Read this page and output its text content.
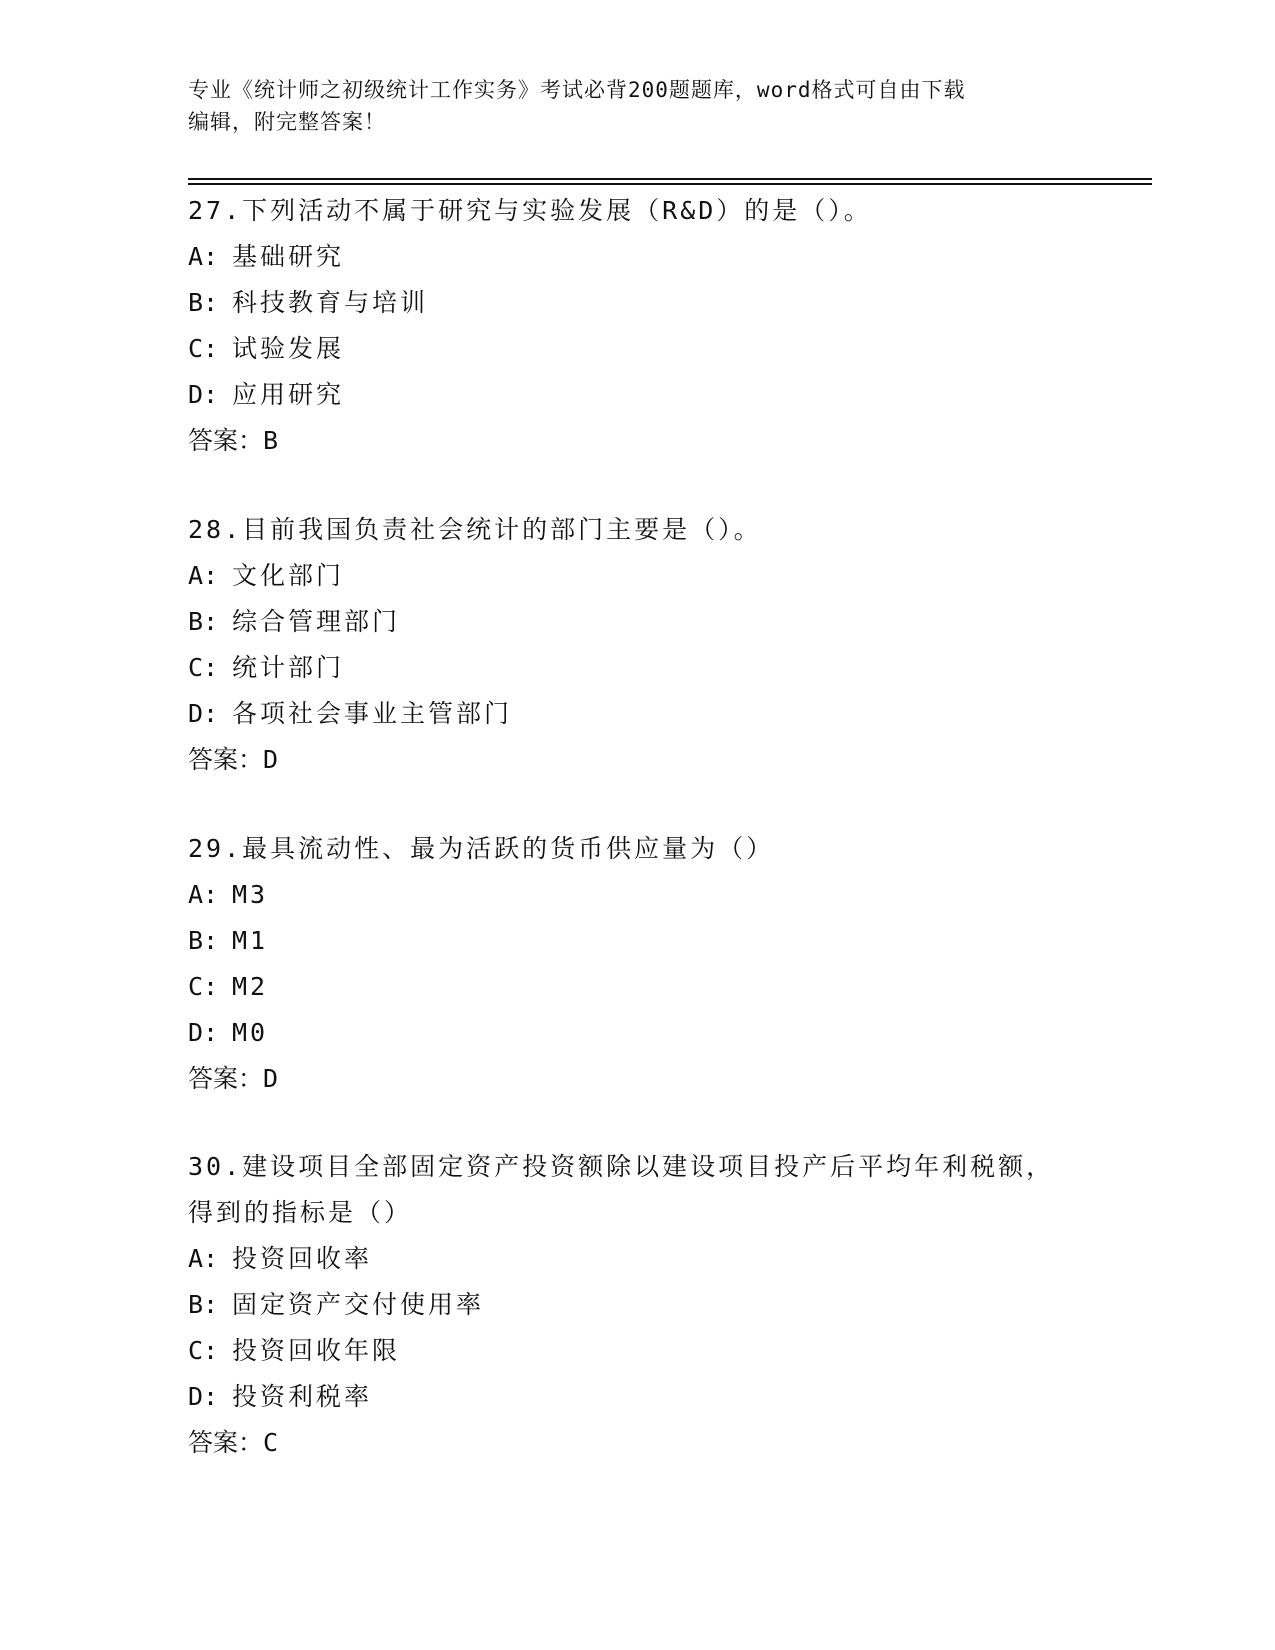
专业《统计师之初级统计工作实务》考试必背200题题库，word格式可自由下载
编辑，附完整答案！
27.下列活动不属于研究与实验发展（R&D）的是（）。
A: 基础研究
B: 科技教育与培训
C: 试验发展
D: 应用研究
答案：B
28.目前我国负责社会统计的部门主要是（）。
A: 文化部门
B: 综合管理部门
C: 统计部门
D: 各项社会事业主管部门
答案：D
29.最具流动性、最为活跃的货币供应量为（）
A: M3
B: M1
C: M2
D: M0
答案：D
30.建设项目全部固定资产投资额除以建设项目投产后平均年利税额，
得到的指标是（）
A: 投资回收率
B: 固定资产交付使用率
C: 投资回收年限
D: 投资利税率
答案：C
